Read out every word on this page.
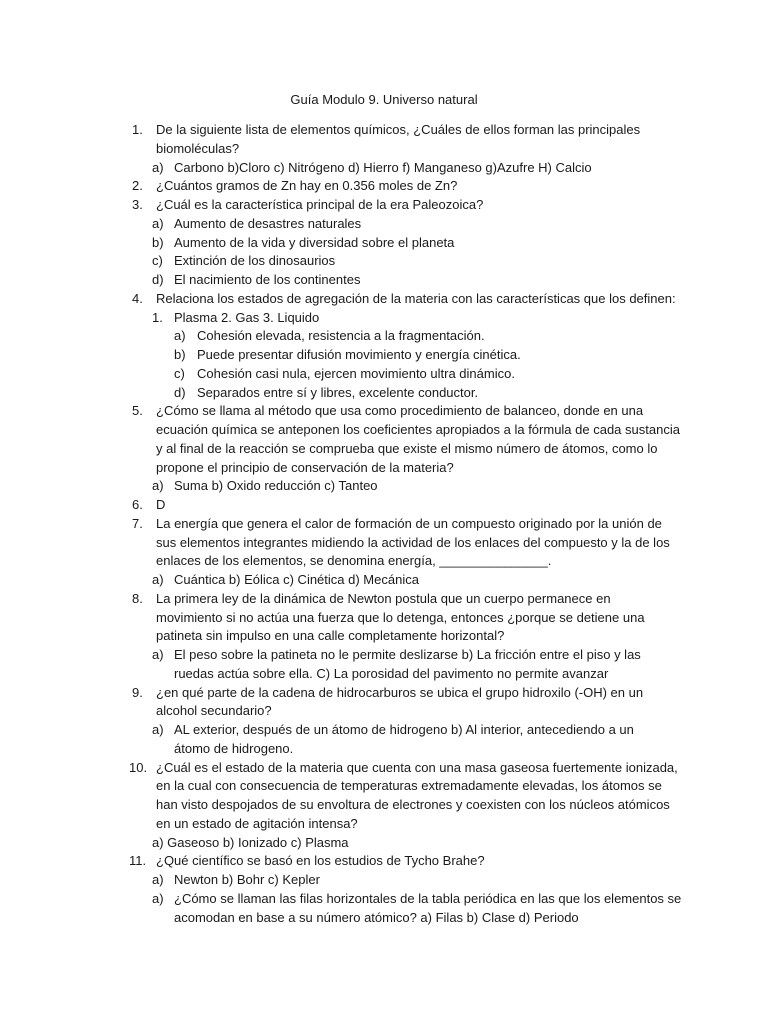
Guía Modulo 9. Universo natural
1. De la siguiente lista de elementos químicos, ¿Cuáles de ellos forman las principales
biomoléculas?
a) Carbono b)Cloro c) Nitrógeno d) Hierro f) Manganeso g)Azufre H) Calcio
2. ¿Cuántos gramos de Zn hay en 0.356 moles de Zn?
3. ¿Cuál es la característica principal de la era Paleozoica?
a) Aumento de desastres naturales
b) Aumento de la vida y diversidad sobre el planeta
c) Extinción de los dinosaurios
d) El nacimiento de los continentes
4. Relaciona los estados de agregación de la materia con las características que los definen:
1. Plasma 2. Gas 3. Liquido
a) Cohesión elevada, resistencia a la fragmentación.
b) Puede presentar difusión movimiento y energía cinética.
c) Cohesión casi nula, ejercen movimiento ultra dinámico.
d) Separados entre sí y libres, excelente conductor.
5. ¿Cómo se llama al método que usa como procedimiento de balanceo, donde en una
ecuación química se anteponen los coeficientes apropiados a la fórmula de cada sustancia
y al final de la reacción se comprueba que existe el mismo número de átomos, como lo
propone el principio de conservación de la materia?
a) Suma b) Oxido reducción c) Tanteo
6. D
7. La energía que genera el calor de formación de un compuesto originado por la unión de
sus elementos integrantes midiendo la actividad de los enlaces del compuesto y la de los
enlaces de los elementos, se denomina energía, _______________.
a) Cuántica b) Eólica c) Cinética d) Mecánica
8. La primera ley de la dinámica de Newton postula que un cuerpo permanece en
movimiento si no actúa una fuerza que lo detenga, entonces ¿porque se detiene una
patineta sin impulso en una calle completamente horizontal?
a) El peso sobre la patineta no le permite deslizarse b) La fricción entre el piso y las
ruedas actúa sobre ella. C) La porosidad del pavimento no permite avanzar
9. ¿en qué parte de la cadena de hidrocarburos se ubica el grupo hidroxilo (-OH) en un
alcohol secundario?
a) AL exterior, después de un átomo de hidrogeno b) Al interior, antecediendo a un
átomo de hidrogeno.
10. ¿Cuál es el estado de la materia que cuenta con una masa gaseosa fuertemente ionizada,
en la cual con consecuencia de temperaturas extremadamente elevadas, los átomos se
han visto despojados de su envoltura de electrones y coexisten con los núcleos atómicos
en un estado de agitación intensa?
a) Gaseoso b) Ionizado c) Plasma
11. ¿Qué científico se basó en los estudios de Tycho Brahe?
a) Newton b) Bohr c) Kepler
a) ¿Cómo se llaman las filas horizontales de la tabla periódica en las que los elementos se
acomodan en base a su número atómico? a) Filas b) Clase d) Periodo
